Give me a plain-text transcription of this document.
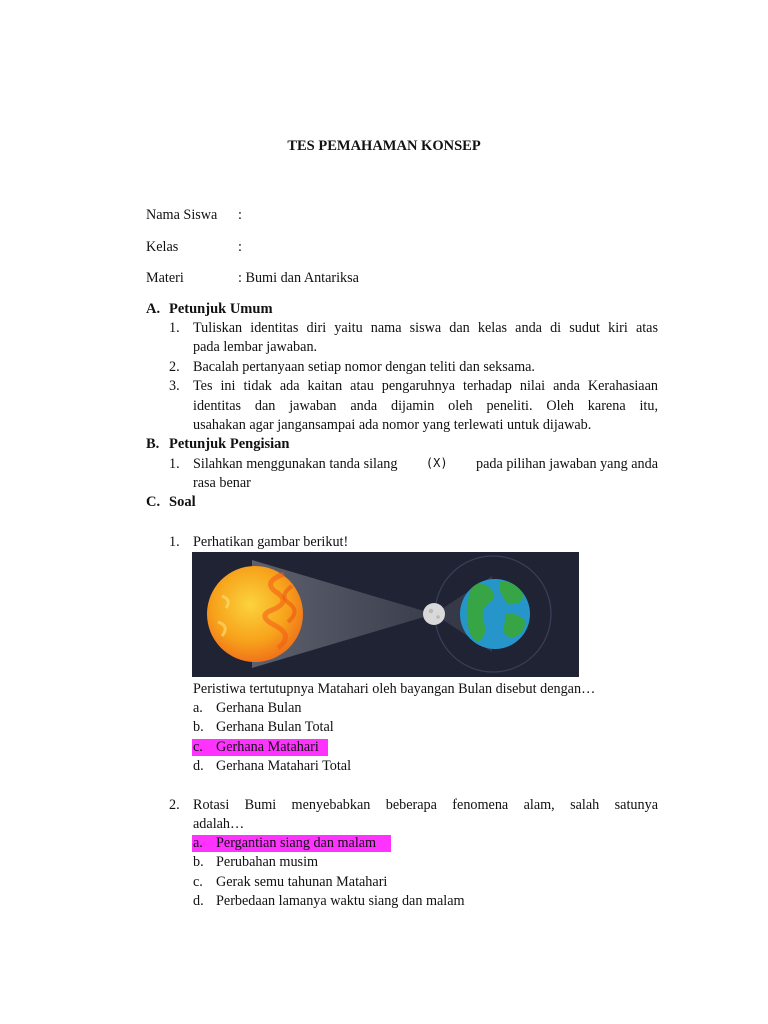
TES PEMAHAMAN KONSEP
Nama Siswa :
Kelas	:
Materi	: Bumi dan Antariksa
A. Petunjuk Umum
1. Tuliskan identitas diri yaitu nama siswa dan kelas anda di sudut kiri atas
pada lembar jawaban.
2. Bacalah pertanyaan setiap nomor dengan teliti dan seksama.
3. Tes ini tidak ada kaitan atau pengaruhnya terhadap nilai anda Kerahasiaan
identitas dan jawaban anda dijamin oleh peneliti. Oleh karena itu,
usahakan agar jangansampai ada nomor yang terlewati untuk dijawab.
B. Petunjuk Pengisian
1. Silahkan menggunakan tanda silang (X) pada pilihan jawaban yang anda
rasa benar
C. Soal
1. Perhatikan gambar berikut!
Peristiwa tertutupnya Matahari oleh bayangan Bulan disebut dengan…
a. Gerhana Bulan
b. Gerhana Bulan Total
c. Gerhana Matahari
d. Gerhana Matahari Total
2. Rotasi Bumi menyebabkan beberapa fenomena alam, salah satunya
adalah…
a. Pergantian siang dan malam
b. Perubahan musim
c. Gerak semu tahunan Matahari
d. Perbedaan lamanya waktu siang dan malam
